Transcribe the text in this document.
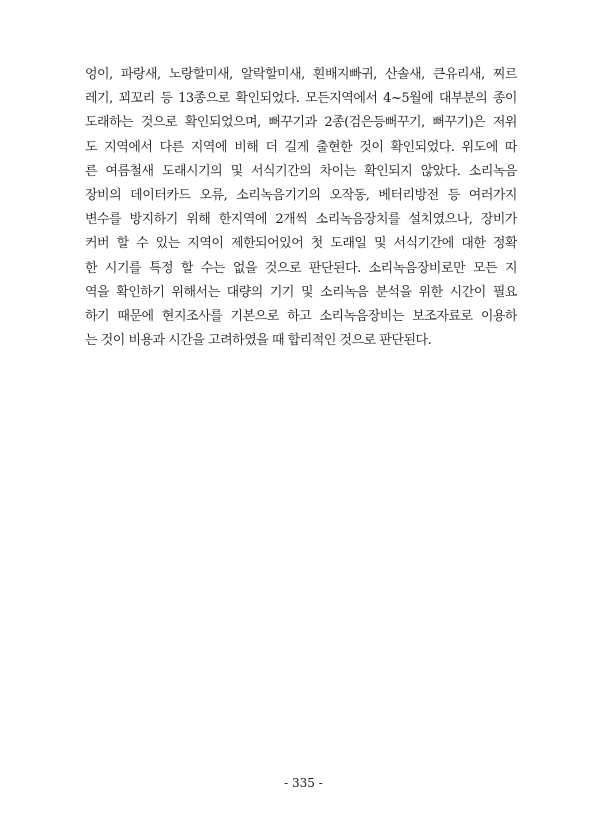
엉이, 파랑새, 노랑할미새, 알락할미새, 흰배지빠귀, 산솔새, 큰유리새, 찌르
레기, 꾀꼬리 등 13종으로 확인되었다. 모든지역에서 4~5월에 대부분의 종이
도래하는 것으로 확인되었으며, 뻐꾸기과 2종(검은등뻐꾸기, 뻐꾸기)은 저위
도 지역에서 다른 지역에 비해 더 길게 출현한 것이 확인되었다. 위도에 따
른 여름철새 도래시기의 및 서식기간의 차이는 확인되지 않았다. 소리녹음
장비의 데이터카드 오류, 소리녹음기기의 오작동, 베터리방전 등 여러가지
변수를 방지하기 위해 한지역에 2개씩 소리녹음장치를 설치였으나, 장비가
커버 할 수 있는 지역이 제한되어있어 첫 도래일 및 서식기간에 대한 정확
한 시기를 특정 할 수는 없을 것으로 판단된다. 소리녹음장비로만 모든 지
역을 확인하기 위해서는 대량의 기기 및 소리녹음 분석을 위한 시간이 필요
하기 때문에 현지조사를 기본으로 하고 소리녹음장비는 보조자료로 이용하
는 것이 비용과 시간을 고려하였을 때 합리적인 것으로 판단된다.

- 335 -
